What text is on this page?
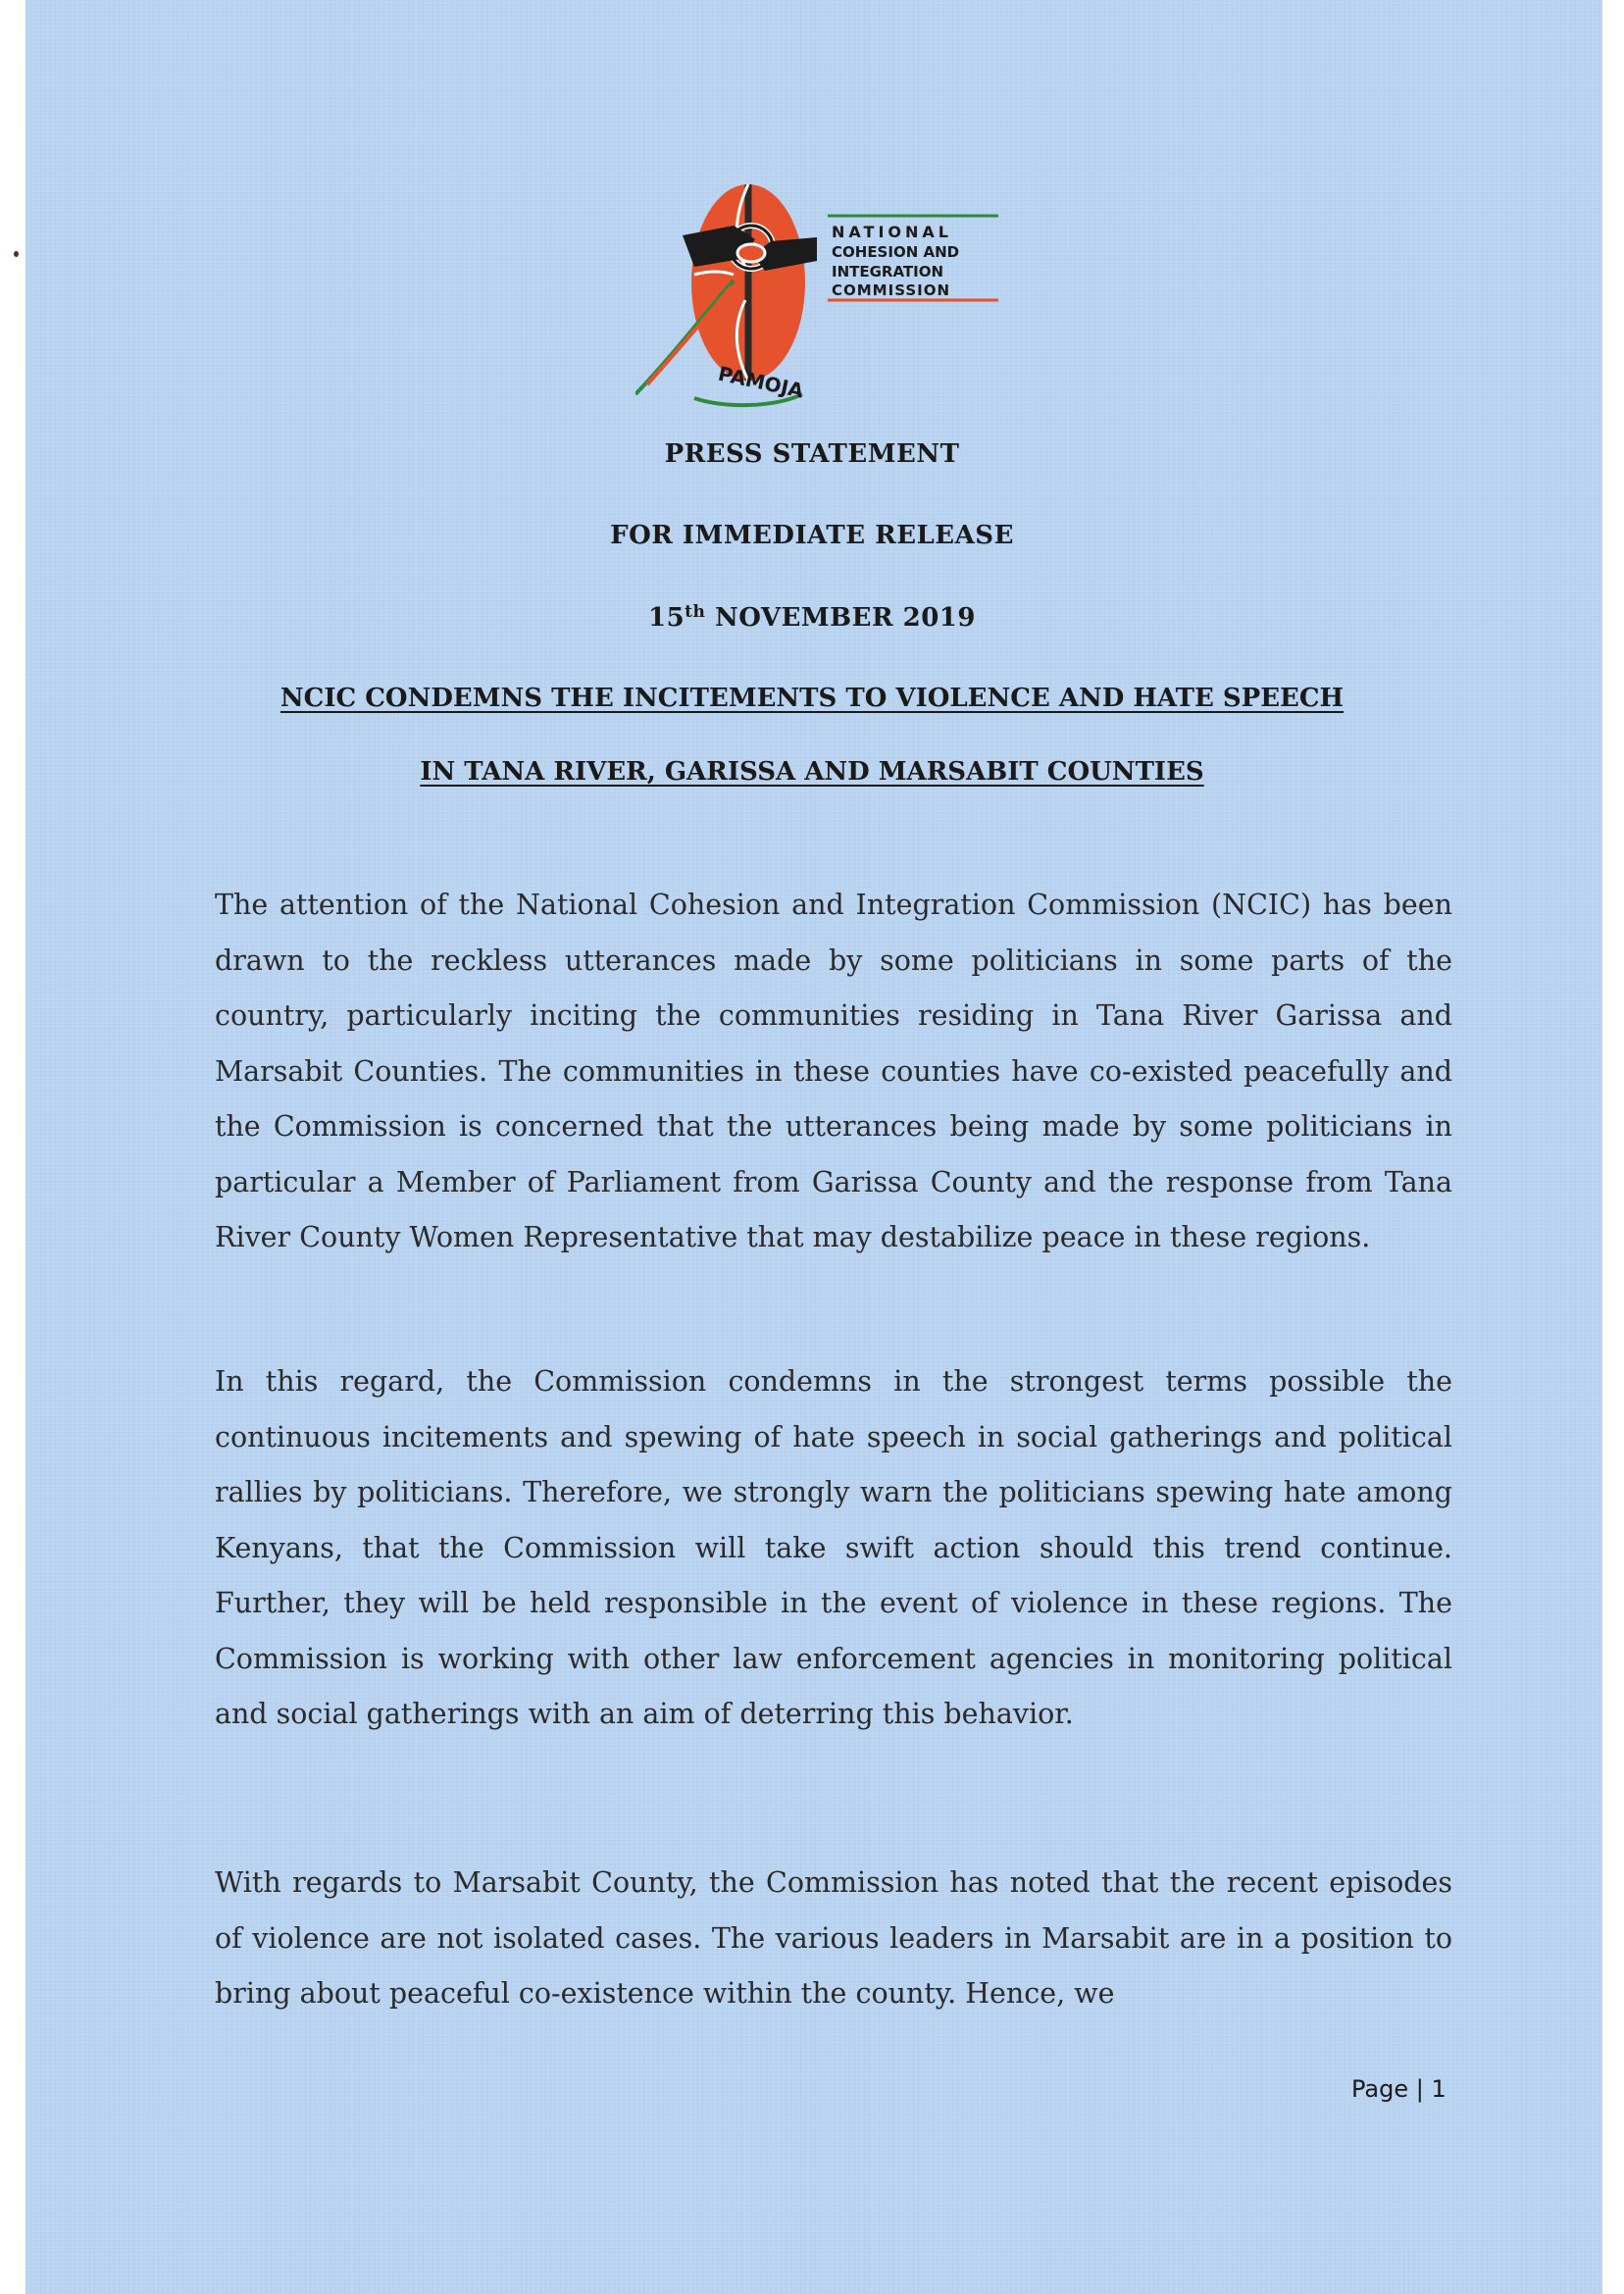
NATIONAL
COHESION AND
INTEGRATION
COMMISSION
PAMOJA
PRESS STATEMENT
FOR IMMEDIATE RELEASE
15th NOVEMBER 2019
NCIC CONDEMNS THE INCITEMENTS TO VIOLENCE AND HATE SPEECH
IN TANA RIVER, GARISSA AND MARSABIT COUNTIES

The attention of the National Cohesion and Integration Commission (NCIC) has been drawn to the reckless utterances made by some politicians in some parts of the country, particularly inciting the communities residing in Tana River Garissa and Marsabit Counties. The communities in these counties have co-existed peacefully and the Commission is concerned that the utterances being made by some politicians in particular a Member of Parliament from Garissa County and the response from Tana River County Women Representative that may destabilize peace in these regions.

In this regard, the Commission condemns in the strongest terms possible the continuous incitements and spewing of hate speech in social gatherings and political rallies by politicians. Therefore, we strongly warn the politicians spewing hate among Kenyans, that the Commission will take swift action should this trend continue. Further, they will be held responsible in the event of violence in these regions. The Commission is working with other law enforcement agencies in monitoring political and social gatherings with an aim of deterring this behavior.

With regards to Marsabit County, the Commission has noted that the recent episodes of violence are not isolated cases. The various leaders in Marsabit are in a position to bring about peaceful co-existence within the county. Hence, we

Page | 1
